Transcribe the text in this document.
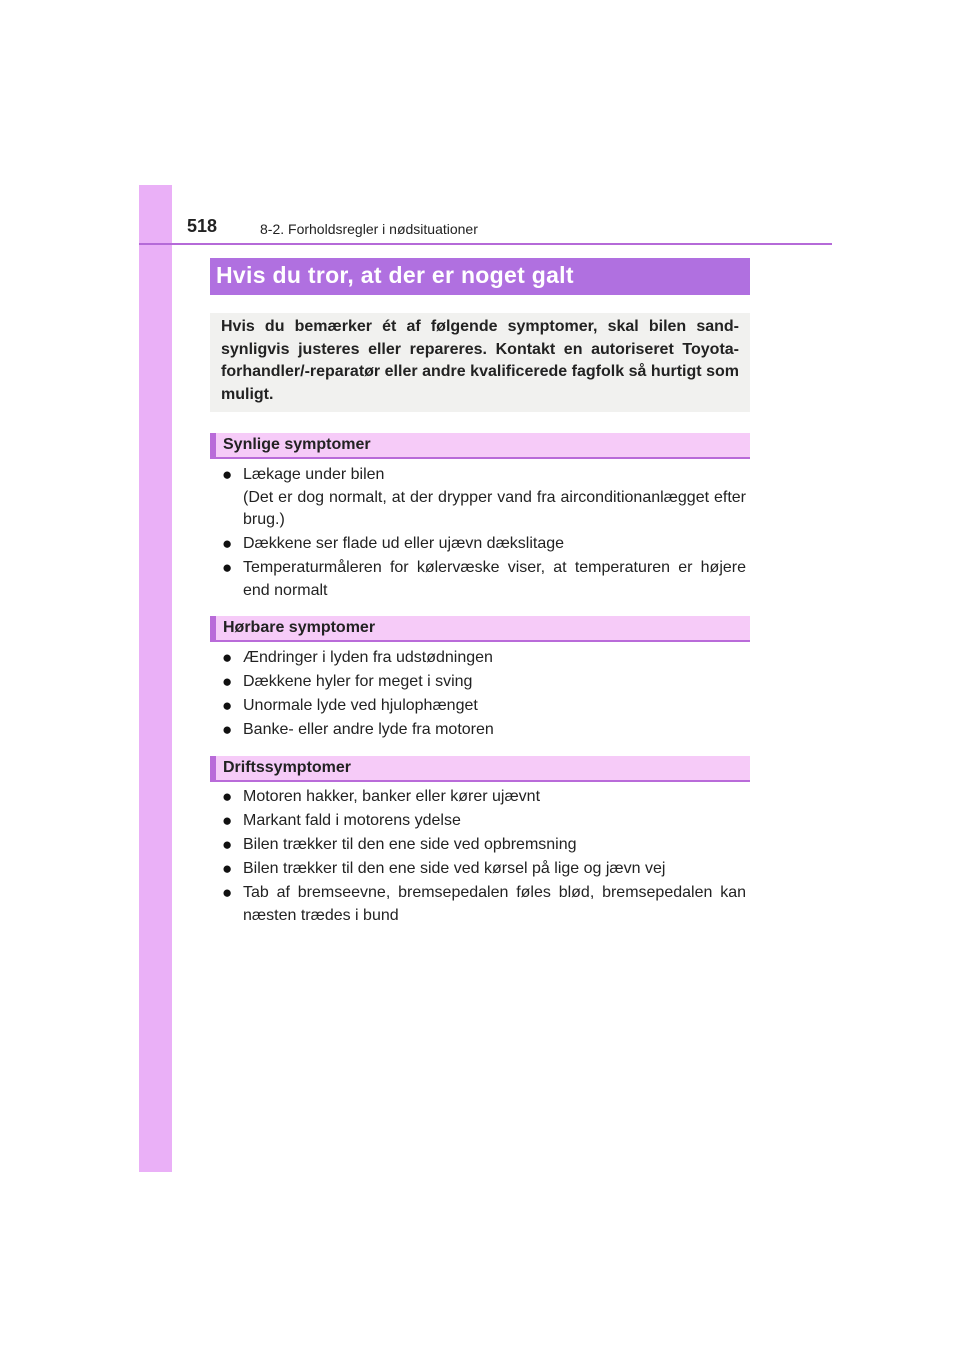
518	8-2. Forholdsregler i nødsituationer
Hvis du tror, at der er noget galt

Hvis du bemærker ét af følgende symptomer, skal bilen sand-synligvis justeres eller repareres. Kontakt en autoriseret Toyota-forhandler/-reparatør eller andre kvalificerede fagfolk så hurtigt som muligt.

Synlige symptomer
● Lækage under bilen
(Det er dog normalt, at der drypper vand fra airconditionanlægget efter brug.)
● Dækkene ser flade ud eller ujævn dækslitage
● Temperaturmåleren for kølervæske viser, at temperaturen er højere end normalt
Hørbare symptomer
● Ændringer i lyden fra udstødningen
● Dækkene hyler for meget i sving
● Unormale lyde ved hjulophænget
● Banke- eller andre lyde fra motoren
Driftssymptomer
● Motoren hakker, banker eller kører ujævnt
● Markant fald i motorens ydelse
● Bilen trækker til den ene side ved opbremsning
● Bilen trækker til den ene side ved kørsel på lige og jævn vej
● Tab af bremseevne, bremsepedalen føles blød, bremsepedalen kan næsten trædes i bund
